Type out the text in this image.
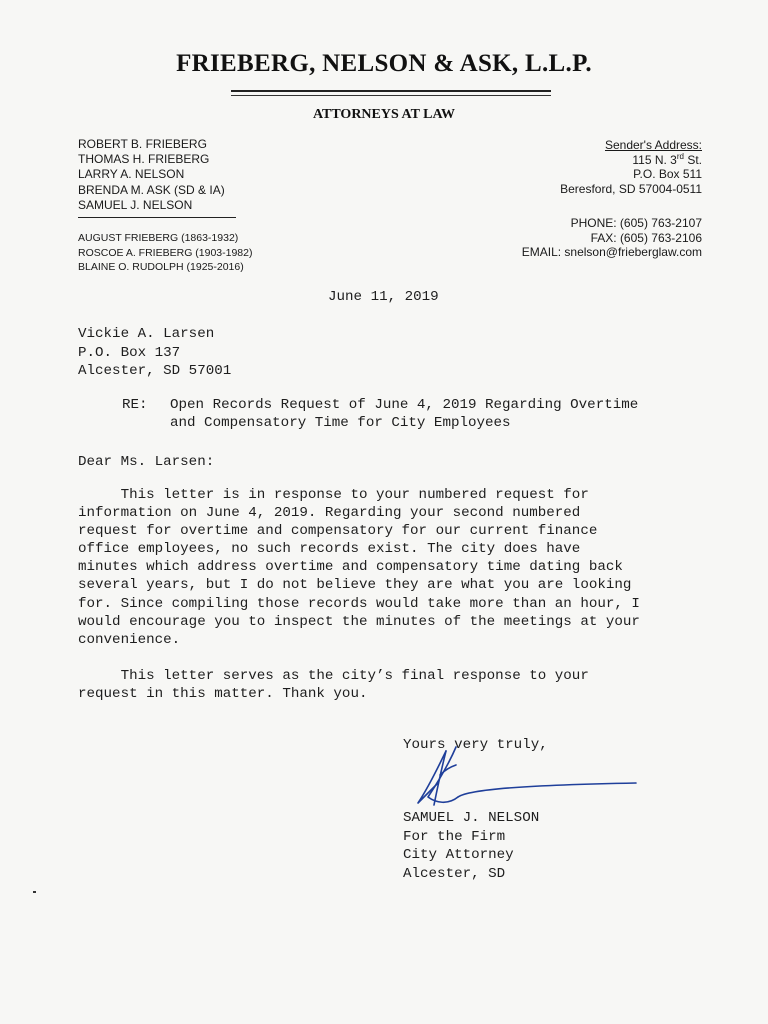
FRIEBERG, NELSON & ASK, L.L.P.
ATTORNEYS AT LAW
ROBERT B. FRIEBERG
THOMAS H. FRIEBERG
LARRY A. NELSON
BRENDA M. ASK (SD & IA)
SAMUEL J. NELSON
AUGUST FRIEBERG (1863-1932)
ROSCOE A. FRIEBERG (1903-1982)
BLAINE O. RUDOLPH (1925-2016)
Sender's Address:
115 N. 3rd St.
P.O. Box 511
Beresford, SD 57004-0511
PHONE: (605) 763-2107
FAX: (605) 763-2106
EMAIL: snelson@frieberglaw.com
June 11, 2019
Vickie A. Larsen
P.O. Box 137
Alcester, SD 57001
RE: Open Records Request of June 4, 2019 Regarding Overtime
and Compensatory Time for City Employees
Dear Ms. Larsen:
This letter is in response to your numbered request for
information on June 4, 2019. Regarding your second numbered
request for overtime and compensatory for our current finance
office employees, no such records exist. The city does have
minutes which address overtime and compensatory time dating back
several years, but I do not believe they are what you are looking
for. Since compiling those records would take more than an hour, I
would encourage you to inspect the minutes of the meetings at your
convenience.
This letter serves as the city’s final response to your
request in this matter. Thank you.
Yours very truly,
SAMUEL J. NELSON
For the Firm
City Attorney
Alcester, SD
